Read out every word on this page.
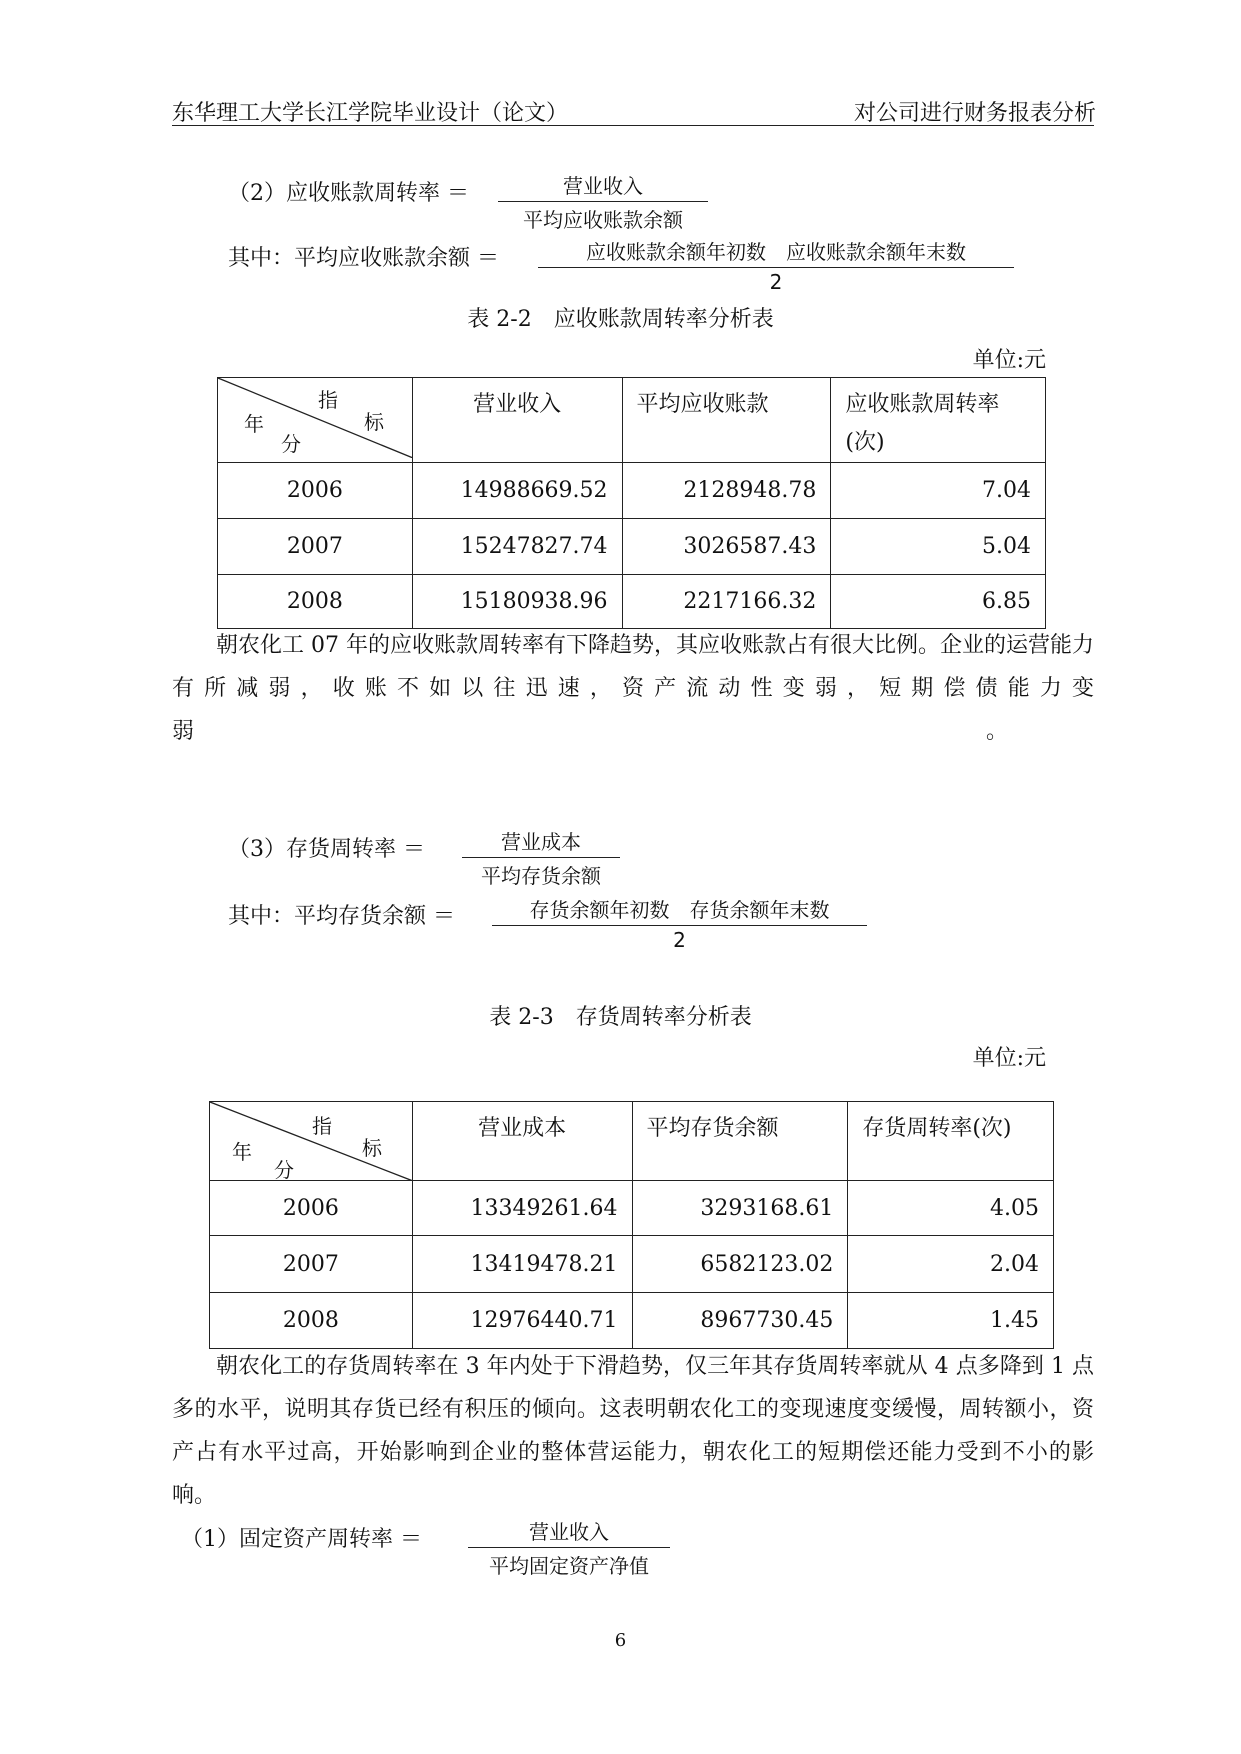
东华理工大学长江学院毕业设计（论文）	对公司进行财务报表分析
（2）应收账款周转率 ＝	营业收入
平均应收账款余额
其中：平均应收账款余额 ＝	应收账款余额年初数　应收账款余额年末数
2
表 2-2　应收账款周转率分析表
单位:元
指
标
年
分	营业收入	平均应收账款	应收账款周转率(次)
2006	14988669.52	2128948.78	7.04
2007	15247827.74	3026587.43	5.04
2008	15180938.96	2217166.32	6.85
朝农化工 07 年的应收账款周转率有下降趋势，其应收账款占有很大比例。企业的运营能力有所减弱，收账不如以往迅速，资产流动性变弱，短期偿债能力变弱　　　　　　　　　　　　　　　　　　　　　　　　　　　　　　　　　　　　。
（3）存货周转率 ＝	营业成本
平均存货余额
其中：平均存货余额 ＝	存货余额年初数　存货余额年末数
2
表 2-3　存货周转率分析表
单位:元
指
标
年
分	营业成本	平均存货余额	存货周转率(次)
2006	13349261.64	3293168.61	4.05
2007	13419478.21	6582123.02	2.04
2008	12976440.71	8967730.45	1.45
朝农化工的存货周转率在 3 年内处于下滑趋势，仅三年其存货周转率就从 4 点多降到 1 点多的水平，说明其存货已经有积压的倾向。这表明朝农化工的变现速度变缓慢，周转额小，资产占有水平过高，开始影响到企业的整体营运能力，朝农化工的短期偿还能力受到不小的影响。
（1）固定资产周转率 ＝	营业收入
平均固定资产净值
6
